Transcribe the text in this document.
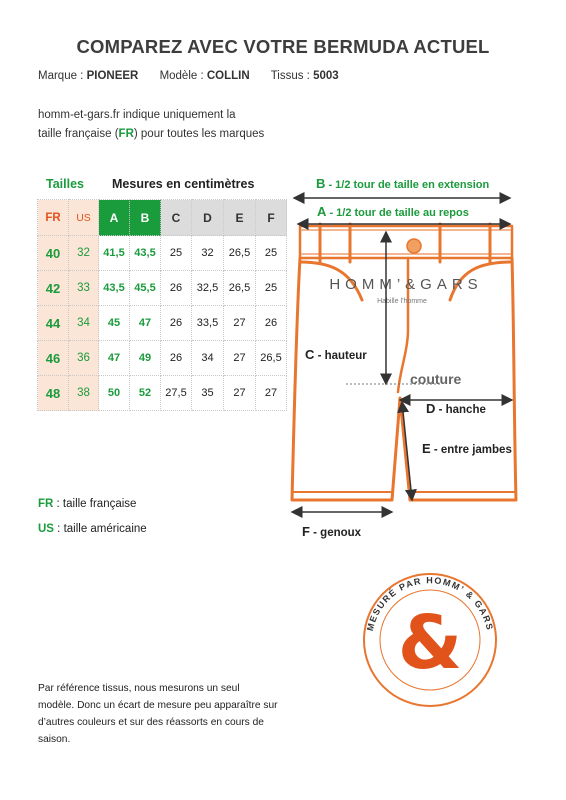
COMPAREZ AVEC VOTRE BERMUDA ACTUEL
Marque : PIONEER Modèle : COLLIN Tissus : 5003
homm-et-gars.fr indique uniquement la
taille française (FR) pour toutes les marques
Tailles Mesures en centimètres
FR	US	A	B	C	D	E	F
40	32	41,5	43,5	25	32	26,5	25
42	33	43,5	45,5	26	32,5	26,5	25
44	34	45	47	26	33,5	27	26
46	36	47	49	26	34	27	26,5
48	38	50	52	27,5	35	27	27
FR : taille française
US : taille américaine
HOMM’&GARS
Habille l’homme
MESURÉ PAR HOMM’ & GARS
&
B - 1/2 tour de taille en extension
A - 1/2 tour de taille au repos
C - hauteur
couture
D - hanche
E - entre jambes
F - genoux
Par référence tissus, nous mesurons un seul modèle. Donc un écart de mesure peu apparaître sur d’autres couleurs et sur des réassorts en cours de saison.
